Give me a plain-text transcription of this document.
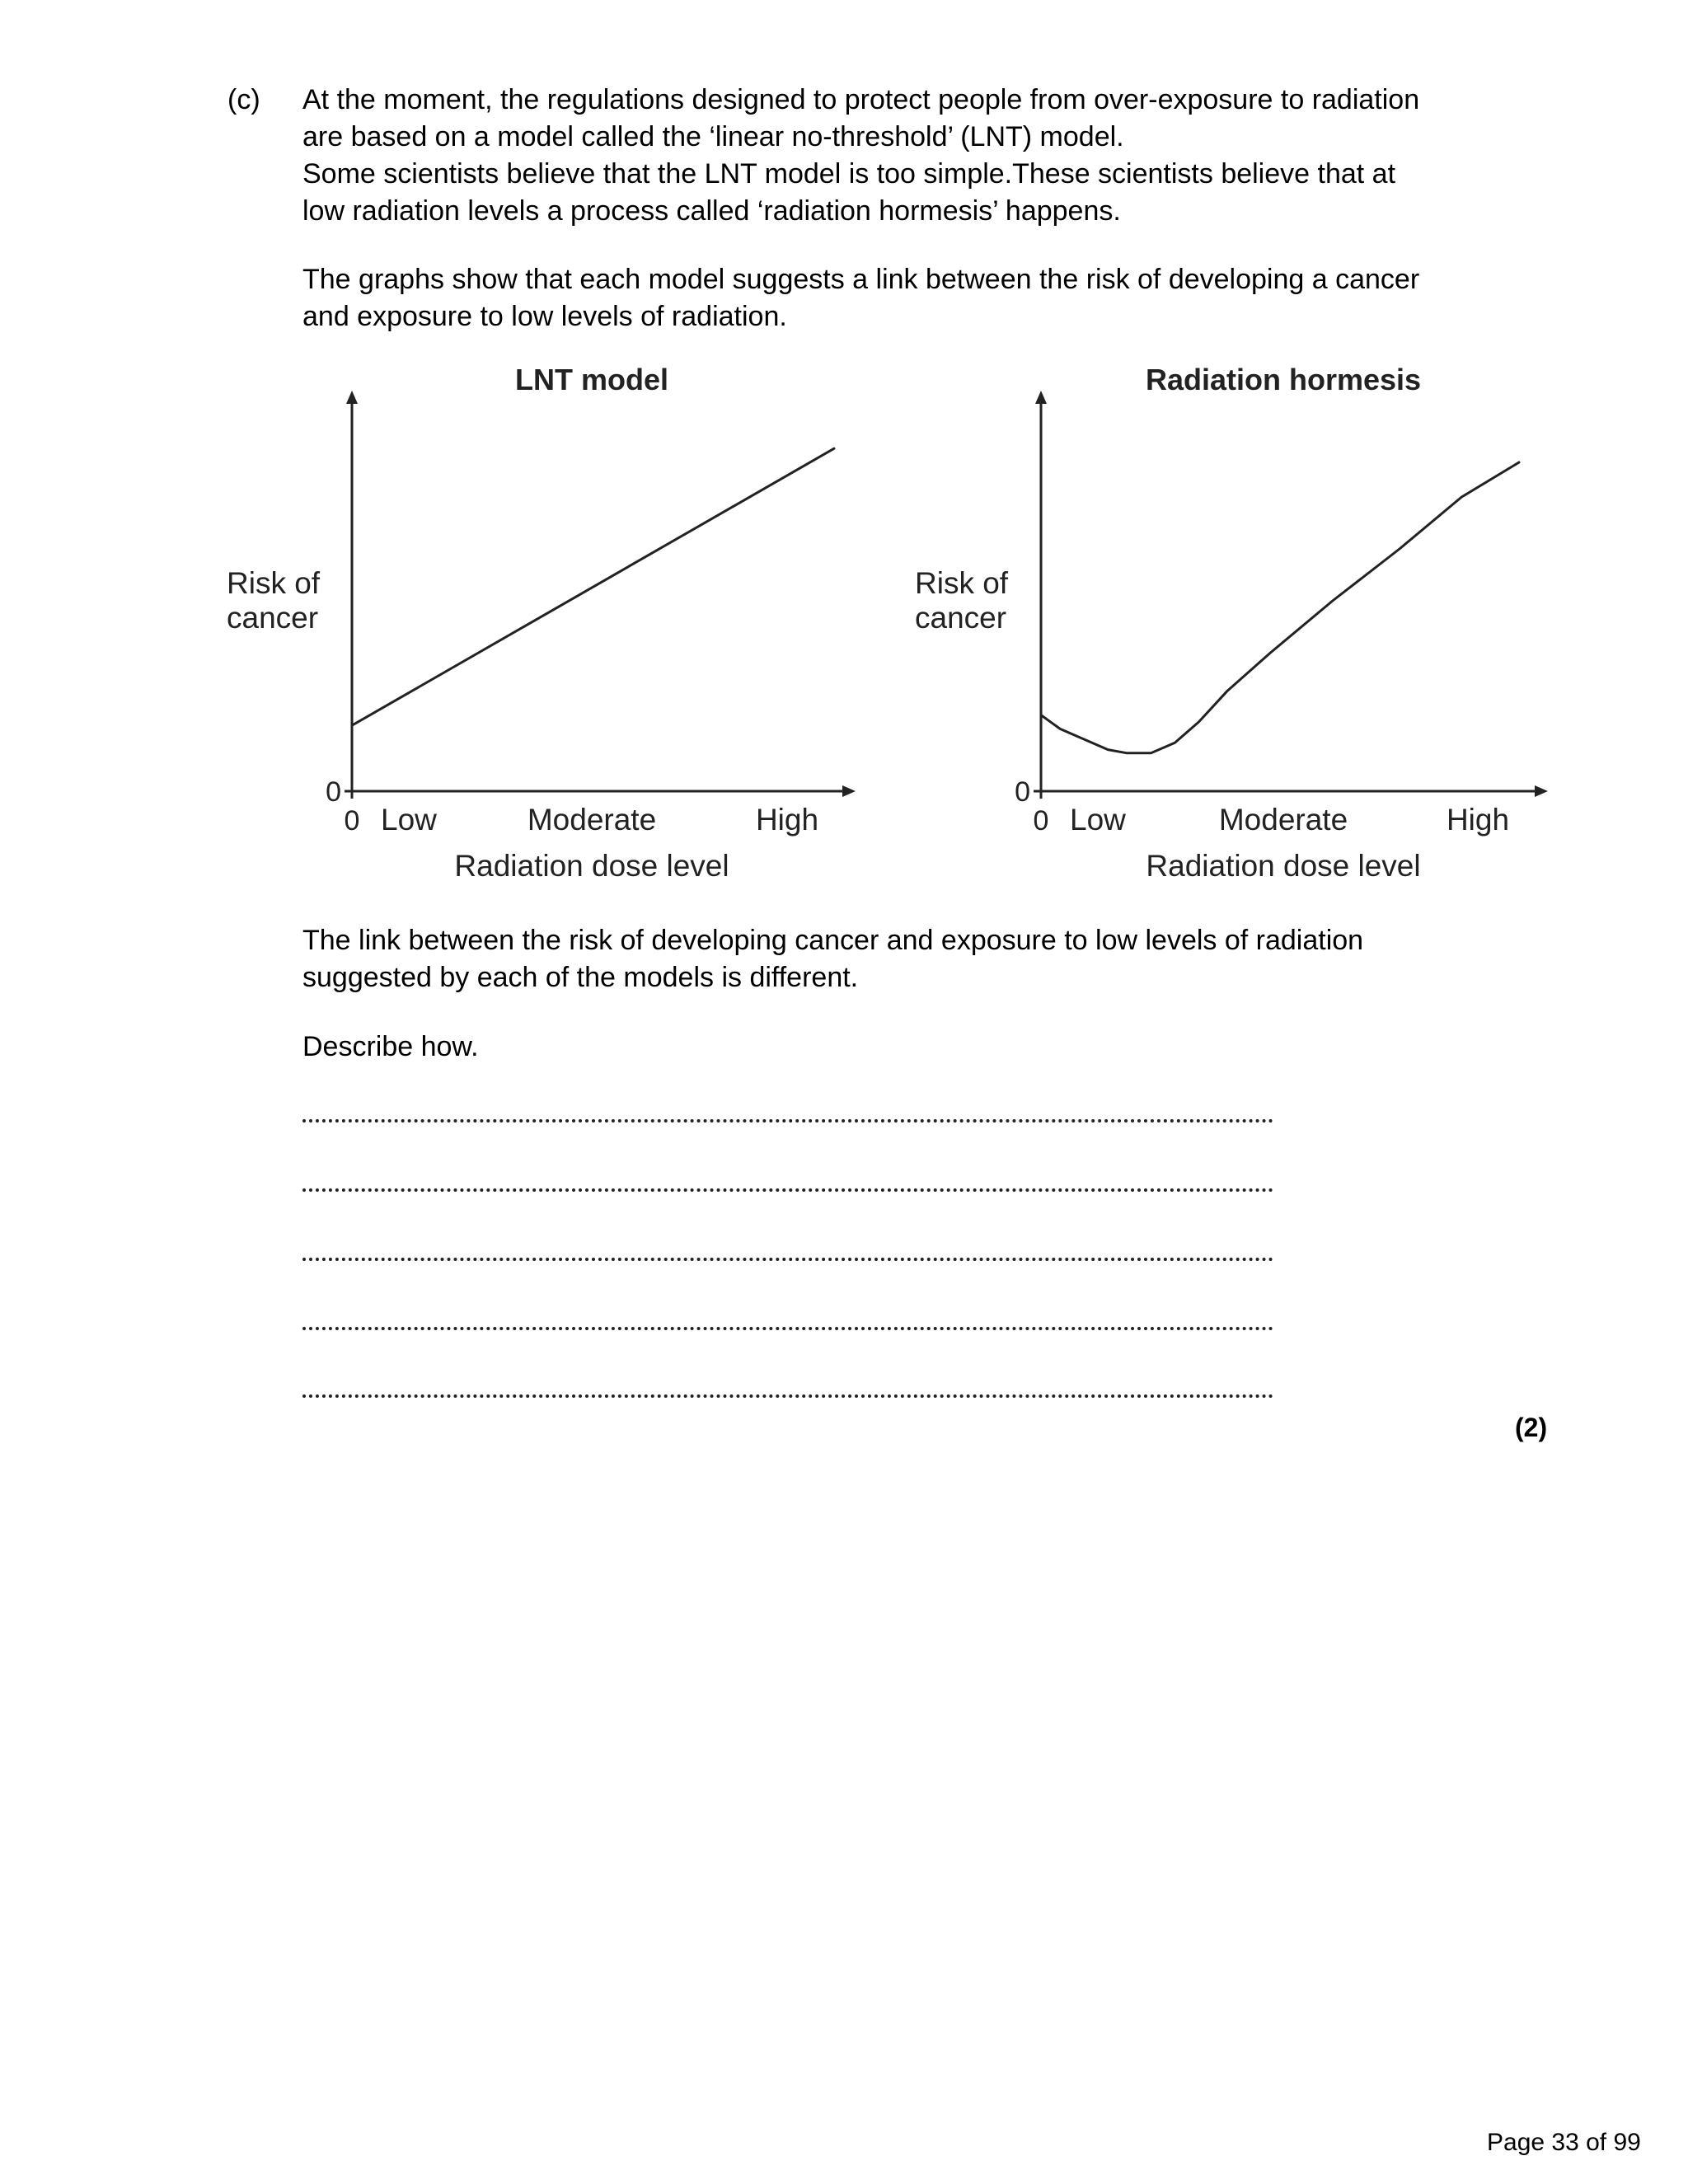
(c) At the moment, the regulations designed to protect people from over-exposure to radiation

are based on a model called the ‘linear no-threshold’ (LNT) model.

Some scientists believe that the LNT model is too simple.These scientists believe that at

low radiation levels a process called ‘radiation hormesis’ happens.

The graphs show that each model suggests a link between the risk of developing a cancer

and exposure to low levels of radiation.

LNT model
Risk of
cancer
0
0 Low	Moderate	High
Radiation dose level
Radiation hormesis
Risk of
cancer
0
0 Low	Moderate	High
Radiation dose level

The link between the risk of developing cancer and exposure to low levels of radiation

suggested by each of the models is different.

Describe how.

(2)
Page 33 of 99
